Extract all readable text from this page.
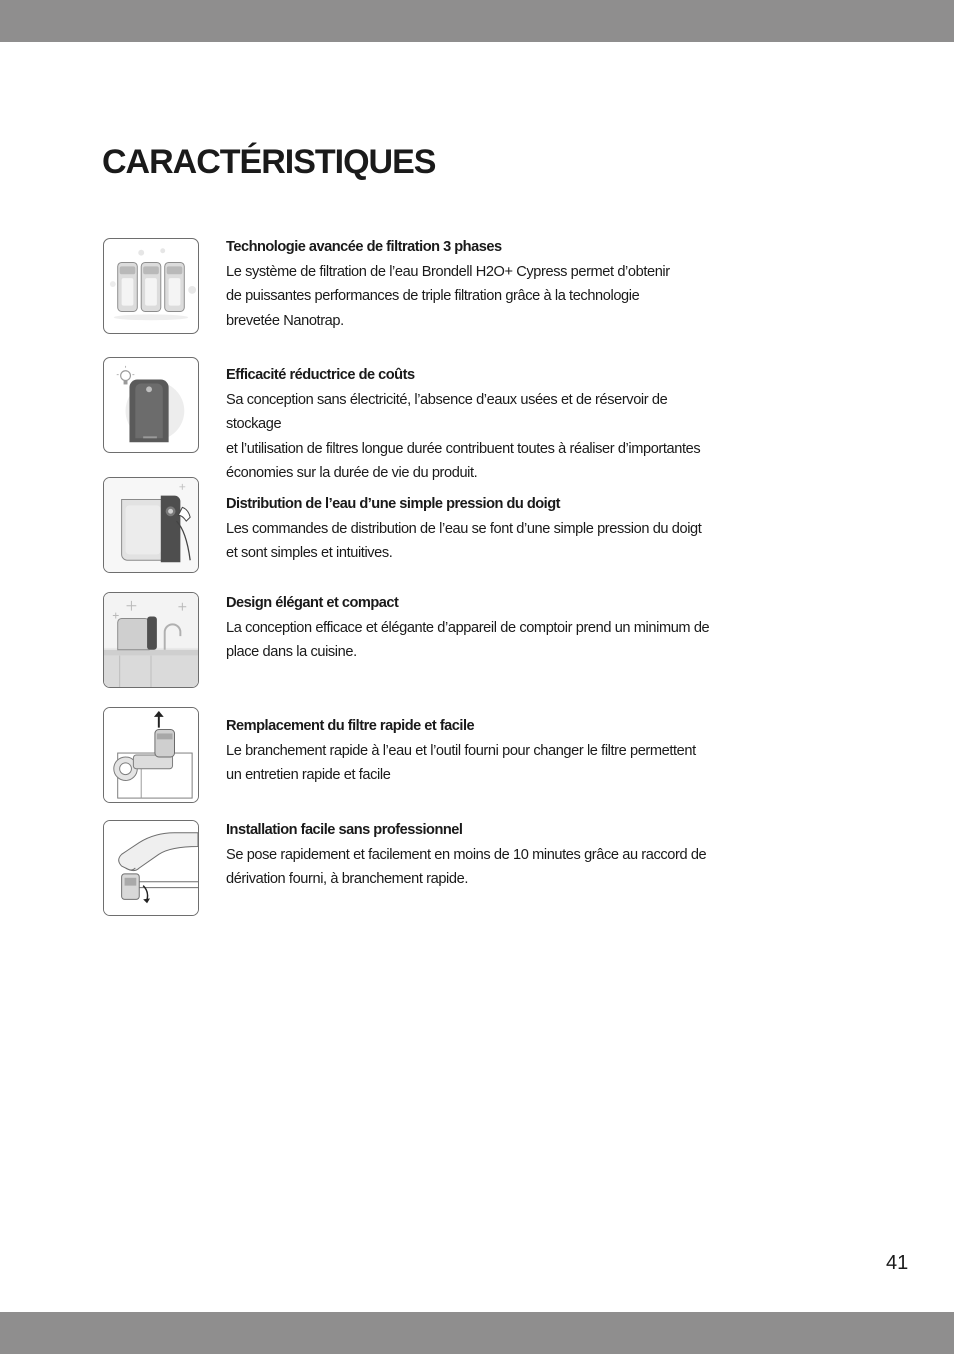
CARACTÉRISTIQUES
Technologie avancée de filtration 3 phases
Le système de filtration de l’eau Brondell H2O+ Cypress permet d’obtenir
de puissantes performances de triple filtration grâce à la technologie
brevetée Nanotrap.
Efficacité réductrice de coûts
Sa conception sans électricité, l’absence d’eaux usées et de réservoir de stockage
et l’utilisation de filtres longue durée contribuent toutes à réaliser d’importantes
économies sur la durée de vie du produit.
Distribution de l’eau d’une simple pression du doigt
Les commandes de distribution de l’eau se font d’une simple pression du doigt
et sont simples et intuitives.
Design élégant et compact
La conception efficace et élégante d’appareil de comptoir prend un minimum de
place dans la cuisine.
Remplacement du filtre rapide et facile
Le branchement rapide à l’eau et l’outil fourni pour changer le filtre permettent
un entretien rapide et facile
Installation facile sans professionnel
Se pose rapidement et facilement en moins de 10 minutes grâce au raccord de
dérivation fourni, à branchement rapide.
41
